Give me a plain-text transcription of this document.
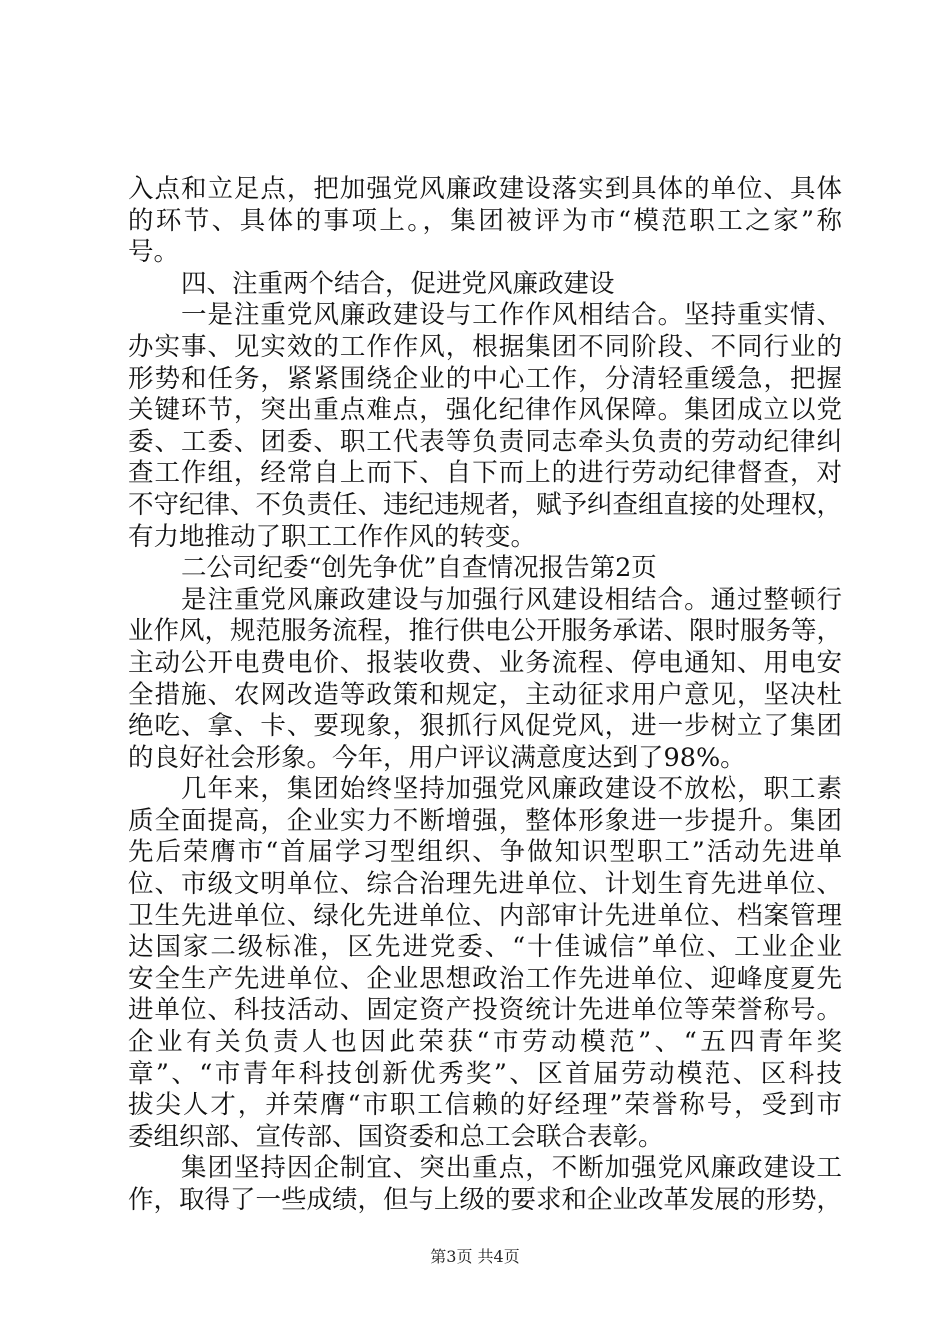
入点和立足点，把加强党风廉政建设落实到具体的单位、具体
的环节、具体的事项上。，集团被评为市“模范职工之家”称
号。
四、注重两个结合，促进党风廉政建设
一是注重党风廉政建设与工作作风相结合。坚持重实情、
办实事、见实效的工作作风，根据集团不同阶段、不同行业的
形势和任务，紧紧围绕企业的中心工作，分清轻重缓急，把握
关键环节，突出重点难点，强化纪律作风保障。集团成立以党
委、工委、团委、职工代表等负责同志牵头负责的劳动纪律纠
查工作组，经常自上而下、自下而上的进行劳动纪律督查，对
不守纪律、不负责任、违纪违规者，赋予纠查组直接的处理权，
有力地推动了职工工作作风的转变。
二公司纪委“创先争优”自查情况报告第2页
是注重党风廉政建设与加强行风建设相结合。通过整顿行
业作风，规范服务流程，推行供电公开服务承诺、限时服务等，
主动公开电费电价、报装收费、业务流程、停电通知、用电安
全措施、农网改造等政策和规定，主动征求用户意见，坚决杜
绝吃、拿、卡、要现象，狠抓行风促党风，进一步树立了集团
的良好社会形象。今年，用户评议满意度达到了98%。
几年来，集团始终坚持加强党风廉政建设不放松，职工素
质全面提高，企业实力不断增强，整体形象进一步提升。集团
先后荣膺市“首届学习型组织、争做知识型职工”活动先进单
位、市级文明单位、综合治理先进单位、计划生育先进单位、
卫生先进单位、绿化先进单位、内部审计先进单位、档案管理
达国家二级标准，区先进党委、“十佳诚信”单位、工业企业
安全生产先进单位、企业思想政治工作先进单位、迎峰度夏先
进单位、科技活动、固定资产投资统计先进单位等荣誉称号。
企业有关负责人也因此荣获“市劳动模范”、“五四青年奖
章”、“市青年科技创新优秀奖”、区首届劳动模范、区科技
拔尖人才，并荣膺“市职工信赖的好经理”荣誉称号，受到市
委组织部、宣传部、国资委和总工会联合表彰。
集团坚持因企制宜、突出重点，不断加强党风廉政建设工
作，取得了一些成绩，但与上级的要求和企业改革发展的形势，
第3页 共4页
